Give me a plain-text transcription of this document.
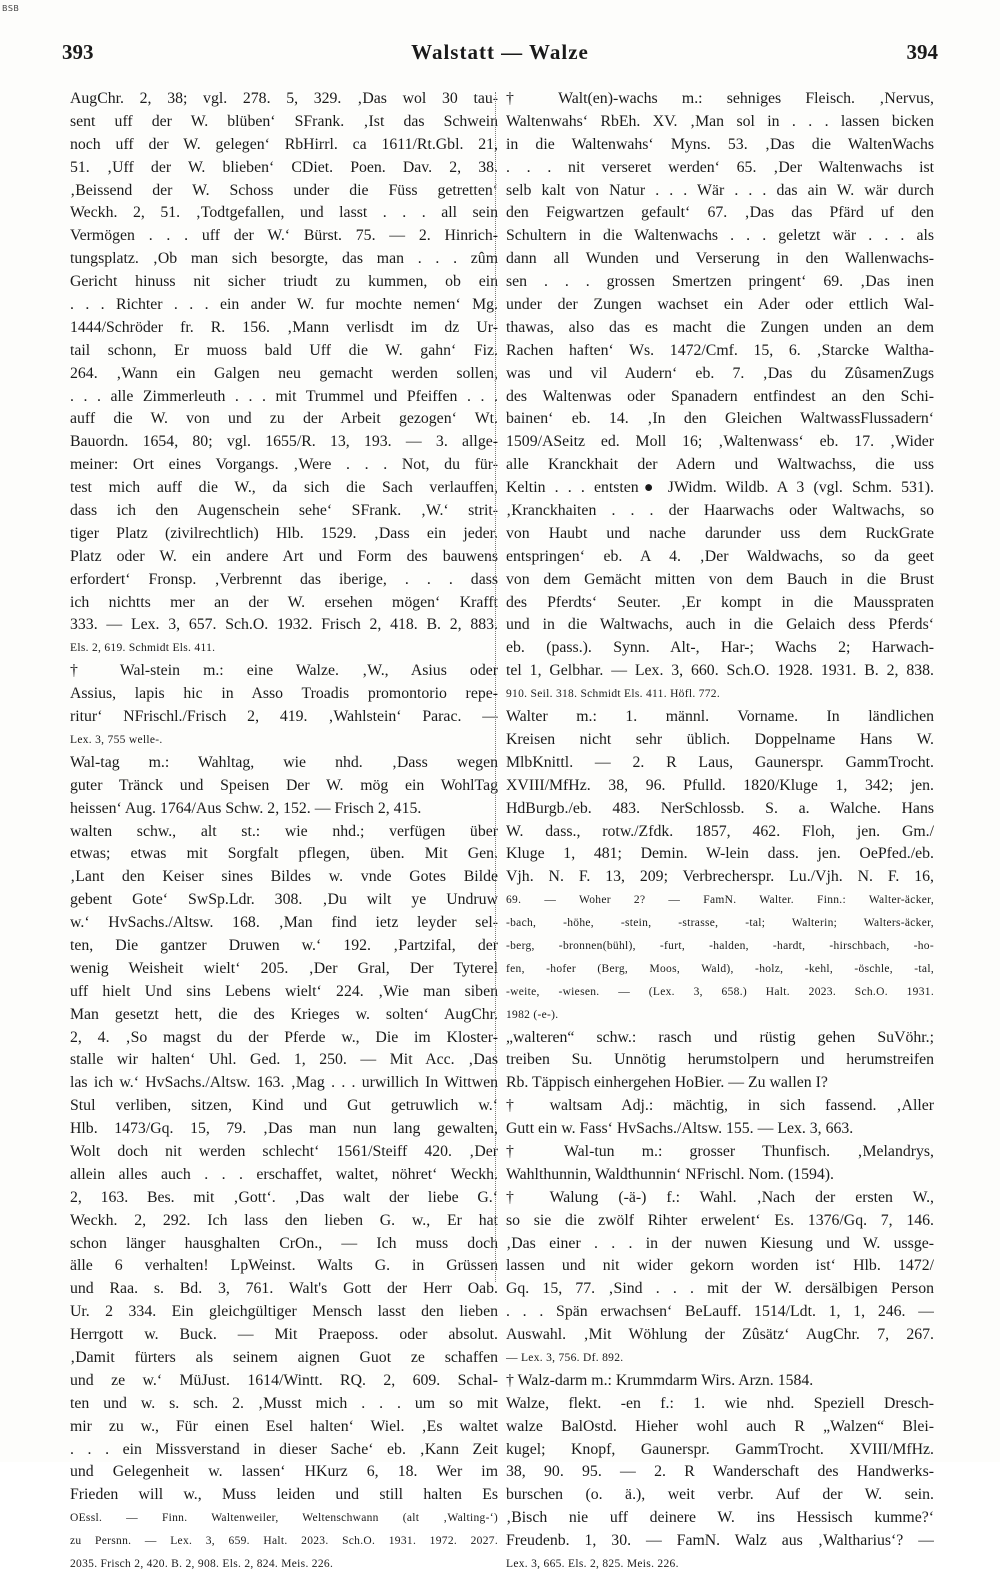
BSB
393	Walstatt — Walze	394
AugChr. 2, 38; vgl. 278. 5, 329. ‚Das wol 30 tau-
sent uff der W. blüben‘ SFrank. ‚Ist das Schwein
noch uff der W. gelegen‘ RbHirrl. ca 1611/Rt.Gbl. 21,
51. ‚Uff der W. blieben‘ CDiet. Poen. Dav. 2, 38.
‚Beissend der W. Schoss under die Füss getretten‘
Weckh. 2, 51. ‚Todtgefallen, und lasst . . . all sein
Vermögen . . . uff der W.‘ Bürst. 75. — 2. Hinrich-
tungsplatz. ‚Ob man sich besorgte, das man . . . zûm
Gericht hinuss nit sicher triudt zu kummen, ob ein
. . . Richter . . . ein ander W. fur mochte nemen‘ Mg.
1444/Schröder fr. R. 156. ‚Mann verlisdt im dz Ur-
tail schonn, Er muoss bald Uff die W. gahn‘ Fiz.
264. ‚Wann ein Galgen neu gemacht werden sollen,
. . . alle Zimmerleuth . . . mit Trummel und Pfeiffen . . .
auff die W. von und zu der Arbeit gezogen‘ Wt.
Bauordn. 1654, 80; vgl. 1655/R. 13, 193. — 3. allge-
meiner: Ort eines Vorgangs. ‚Were . . . Not, du für-
test mich auff die W., da sich die Sach verlauffen,
dass ich den Augenschein sehe‘ SFrank. ‚W.‘ strit-
tiger Platz (zivilrechtlich) Hlb. 1529. ‚Dass ein jeder.
Platz oder W. ein andere Art und Form des bauwens
erfordert‘ Fronsp. ‚Verbrennt das iberige, . . . dass
ich nichtts mer an der W. ersehen mögen‘ Krafft
333. — Lex. 3, 657. Sch.O. 1932. Frisch 2, 418. B. 2, 883.
Els. 2, 619. Schmidt Els. 411.
† Wal-stein m.: eine Walze. ‚W., Asius oder
Assius, lapis hic in Asso Troadis promontorio repe-
ritur‘ NFrischl./Frisch 2, 419. ‚Wahlstein‘ Parac. —
Lex. 3, 755 welle-.
Wal-tag m.: Wahltag, wie nhd. ‚Dass wegen
guter Tränck und Speisen Der W. mög ein WohlTag
heissen‘ Aug. 1764/Aus Schw. 2, 152. — Frisch 2, 415.
walten schw., alt st.: wie nhd.; verfügen über
etwas; etwas mit Sorgfalt pflegen, üben. Mit Gen.
‚Lant den Keiser sines Bildes w. vnde Gotes Bilde
gebent Gote‘ SwSp.Ldr. 308. ‚Du wilt ye Undruw
w.‘ HvSachs./Altsw. 168. ‚Man find ietz leyder sel-
ten, Die gantzer Druwen w.‘ 192. ‚Partzifal, der
wenig Weisheit wielt‘ 205. ‚Der Gral, Der Tyterel
uff hielt Und sins Lebens wielt‘ 224. ‚Wie man siben
Man gesetzt hett, die des Krieges w. solten‘ AugChr.
2, 4. ‚So magst du der Pferde w., Die im Kloster-
stalle wir halten‘ Uhl. Ged. 1, 250. — Mit Acc. ‚Das
las ich w.‘ HvSachs./Altsw. 163. ‚Mag . . . urwillich In Wittwen
Stul verliben, sitzen, Kind und Gut getruwlich w.‘
Hlb. 1473/Gq. 15, 79. ‚Das man nun lang gewalten,
Wolt doch nit werden schlecht‘ 1561/Steiff 420. ‚Der
allein alles auch . . . erschaffet, waltet, nöhret‘ Weckh.
2, 163. Bes. mit ‚Gott‘. ‚Das walt der liebe G.‘
Weckh. 2, 292. Ich lass den lieben G. w., Er hat
schon länger hausghalten CrOn., — Ich muss doch
älle 6 verhalten! LpWeinst. Walts G. in Grüssen
und Raa. s. Bd. 3, 761. Walt's Gott der Herr Oab.
Ur. 2 334. Ein gleichgültiger Mensch lasst den lieben
Herrgott w. Buck. — Mit Praeposs. oder absolut.
‚Damit fürters als seinem aignen Guot ze schaffen
und ze w.‘ MüJust. 1614/Wintt. RQ. 2, 609. Schal-
ten und w. s. sch. 2. ‚Musst mich . . . um so mit
mir zu w., Für einen Esel halten‘ Wiel. ‚Es waltet
. . . ein Missverstand in dieser Sache‘ eb. ‚Kann Zeit
und Gelegenheit w. lassen‘ HKurz 6, 18. Wer im
Frieden will w., Muss leiden und still halten Es
OEssl. — Finn. Waltenweiler, Weltenschwann (alt ‚Walting-‘)
zu Persnn. — Lex. 3, 659. Halt. 2023. Sch.O. 1931. 1972. 2027.
2035. Frisch 2, 420. B. 2, 908. Els. 2, 824. Meis. 226.
† Walt(en)-wachs m.: sehniges Fleisch. ‚Nervus,
Waltenwahs‘ RbEh. XV. ‚Man sol in . . . lassen bicken
in die Waltenwahs‘ Myns. 53. ‚Das die WaltenWachs
. . . nit verseret werden‘ 65. ‚Der Waltenwachs ist
selb kalt von Natur . . . Wär . . . das ain W. wär durch
den Feigwartzen gefault‘ 67. ‚Das das Pfärd uf den
Schultern in die Waltenwachs . . . geletzt wär . . . als
dann all Wunden und Verserung in den Wallenwachs-
sen . . . grossen Smertzen pringent‘ 69. ‚Das inen
under der Zungen wachset ein Ader oder ettlich Wal-
thawas, also das es macht die Zungen unden an dem
Rachen haften‘ Ws. 1472/Cmf. 15, 6. ‚Starcke Waltha-
was und vil Audern‘ eb. 7. ‚Das du ZûsamenZugs
des Waltenwas oder Spanadern entfindest an den Schi-
bainen‘ eb. 14. ‚In den Gleichen WaltwassFlussadern‘
1509/ASeitz ed. Moll 16; ‚Waltenwass‘ eb. 17. ‚Wider
alle Kranckhait der Adern und Waltwachss, die uss
Keltin . . . entsten● JWidm. Wildb. A 3 (vgl. Schm. 531).
‚Kranckhaiten . . . der Haarwachs oder Waltwachs, so
von Haubt und nache darunder uss dem RuckGrate
entspringen‘ eb. A 4. ‚Der Waldwachs, so da geet
von dem Gemächt mitten von dem Bauch in die Brust
des Pferdts‘ Seuter. ‚Er kompt in die Mausspraten
und in die Waltwachs, auch in die Gelaich dess Pferds‘
eb. (pass.). Synn. Alt-, Har-; Wachs 2; Harwach-
tel 1, Gelbhar. — Lex. 3, 660. Sch.O. 1928. 1931. B. 2, 838.
910. Seil. 318. Schmidt Els. 411. Höfl. 772.
Walter m.: 1. männl. Vorname. In ländlichen
Kreisen nicht sehr üblich. Doppelname Hans W.
MlbKnittl. — 2. R Laus, Gaunerspr. GammTrocht.
XVIII/MfHz. 38, 96. Pfulld. 1820/Kluge 1, 342; jen.
HdBurgb./eb. 483. NerSchlossb. S. a. Walche. Hans
W. dass., rotw./Zfdk. 1857, 462. Floh, jen. Gm./
Kluge 1, 481; Demin. W-lein dass. jen. OePfed./eb.
Vjh. N. F. 13, 209; Verbrecherspr. Lu./Vjh. N. F. 16,
69. — Woher 2? — FamN. Walter. Finn.: Walter-äcker,
-bach, -höhe, -stein, -strasse, -tal; Walterin; Walters-äcker,
-berg, -bronnen(bühl), -furt, -halden, -hardt, -hirschbach, -ho-
fen, -hofer (Berg, Moos, Wald), -holz, -kehl, -öschle, -tal,
-weite, -wiesen. — (Lex. 3, 658.) Halt. 2023. Sch.O. 1931.
1982 (-e-).
„walteren“ schw.: rasch und rüstig gehen SuVöhr.;
treiben Su. Unnötig herumstolpern und herumstreifen
Rb. Täppisch einhergehen HoBier. — Zu wallen I?
† waltsam Adj.: mächtig, in sich fassend. ‚Aller
Gutt ein w. Fass‘ HvSachs./Altsw. 155. — Lex. 3, 663.
† Wal-tun m.: grosser Thunfisch. ‚Melandrys,
Wahlthunnin, Waldthunnin‘ NFrischl. Nom. (1594).
† Walung (-ä-) f.: Wahl. ‚Nach der ersten W.,
so sie die zwölf Rihter erwelent‘ Es. 1376/Gq. 7, 146.
‚Das einer . . . in der nuwen Kiesung und W. ussge-
lassen und nit wider gekorn worden ist‘ Hlb. 1472/
Gq. 15, 77. ‚Sind . . . mit der W. dersälbigen Person
. . . Spän erwachsen‘ BeLauff. 1514/Ldt. 1, 1, 246. —
Auswahl. ‚Mit Wöhlung der Zûsätz‘ AugChr. 7, 267.
— Lex. 3, 756. Df. 892.
† Walz-darm m.: Krummdarm Wirs. Arzn. 1584.
Walze, flekt. -en f.: 1. wie nhd. Speziell Dresch-
walze BalOstd. Hieher wohl auch R „Walzen“ Blei-
kugel; Knopf, Gaunerspr. GammTrocht. XVIII/MfHz.
38, 90. 95. — 2. R Wanderschaft des Handwerks-
burschen (o. ä.), weit verbr. Auf der W. sein.
‚Bisch nie uff deinere W. ins Hessisch kumme?‘
Freudenb. 1, 30. — FamN. Walz aus ‚Waltharius‘? —
Lex. 3, 665. Els. 2, 825. Meis. 226.
